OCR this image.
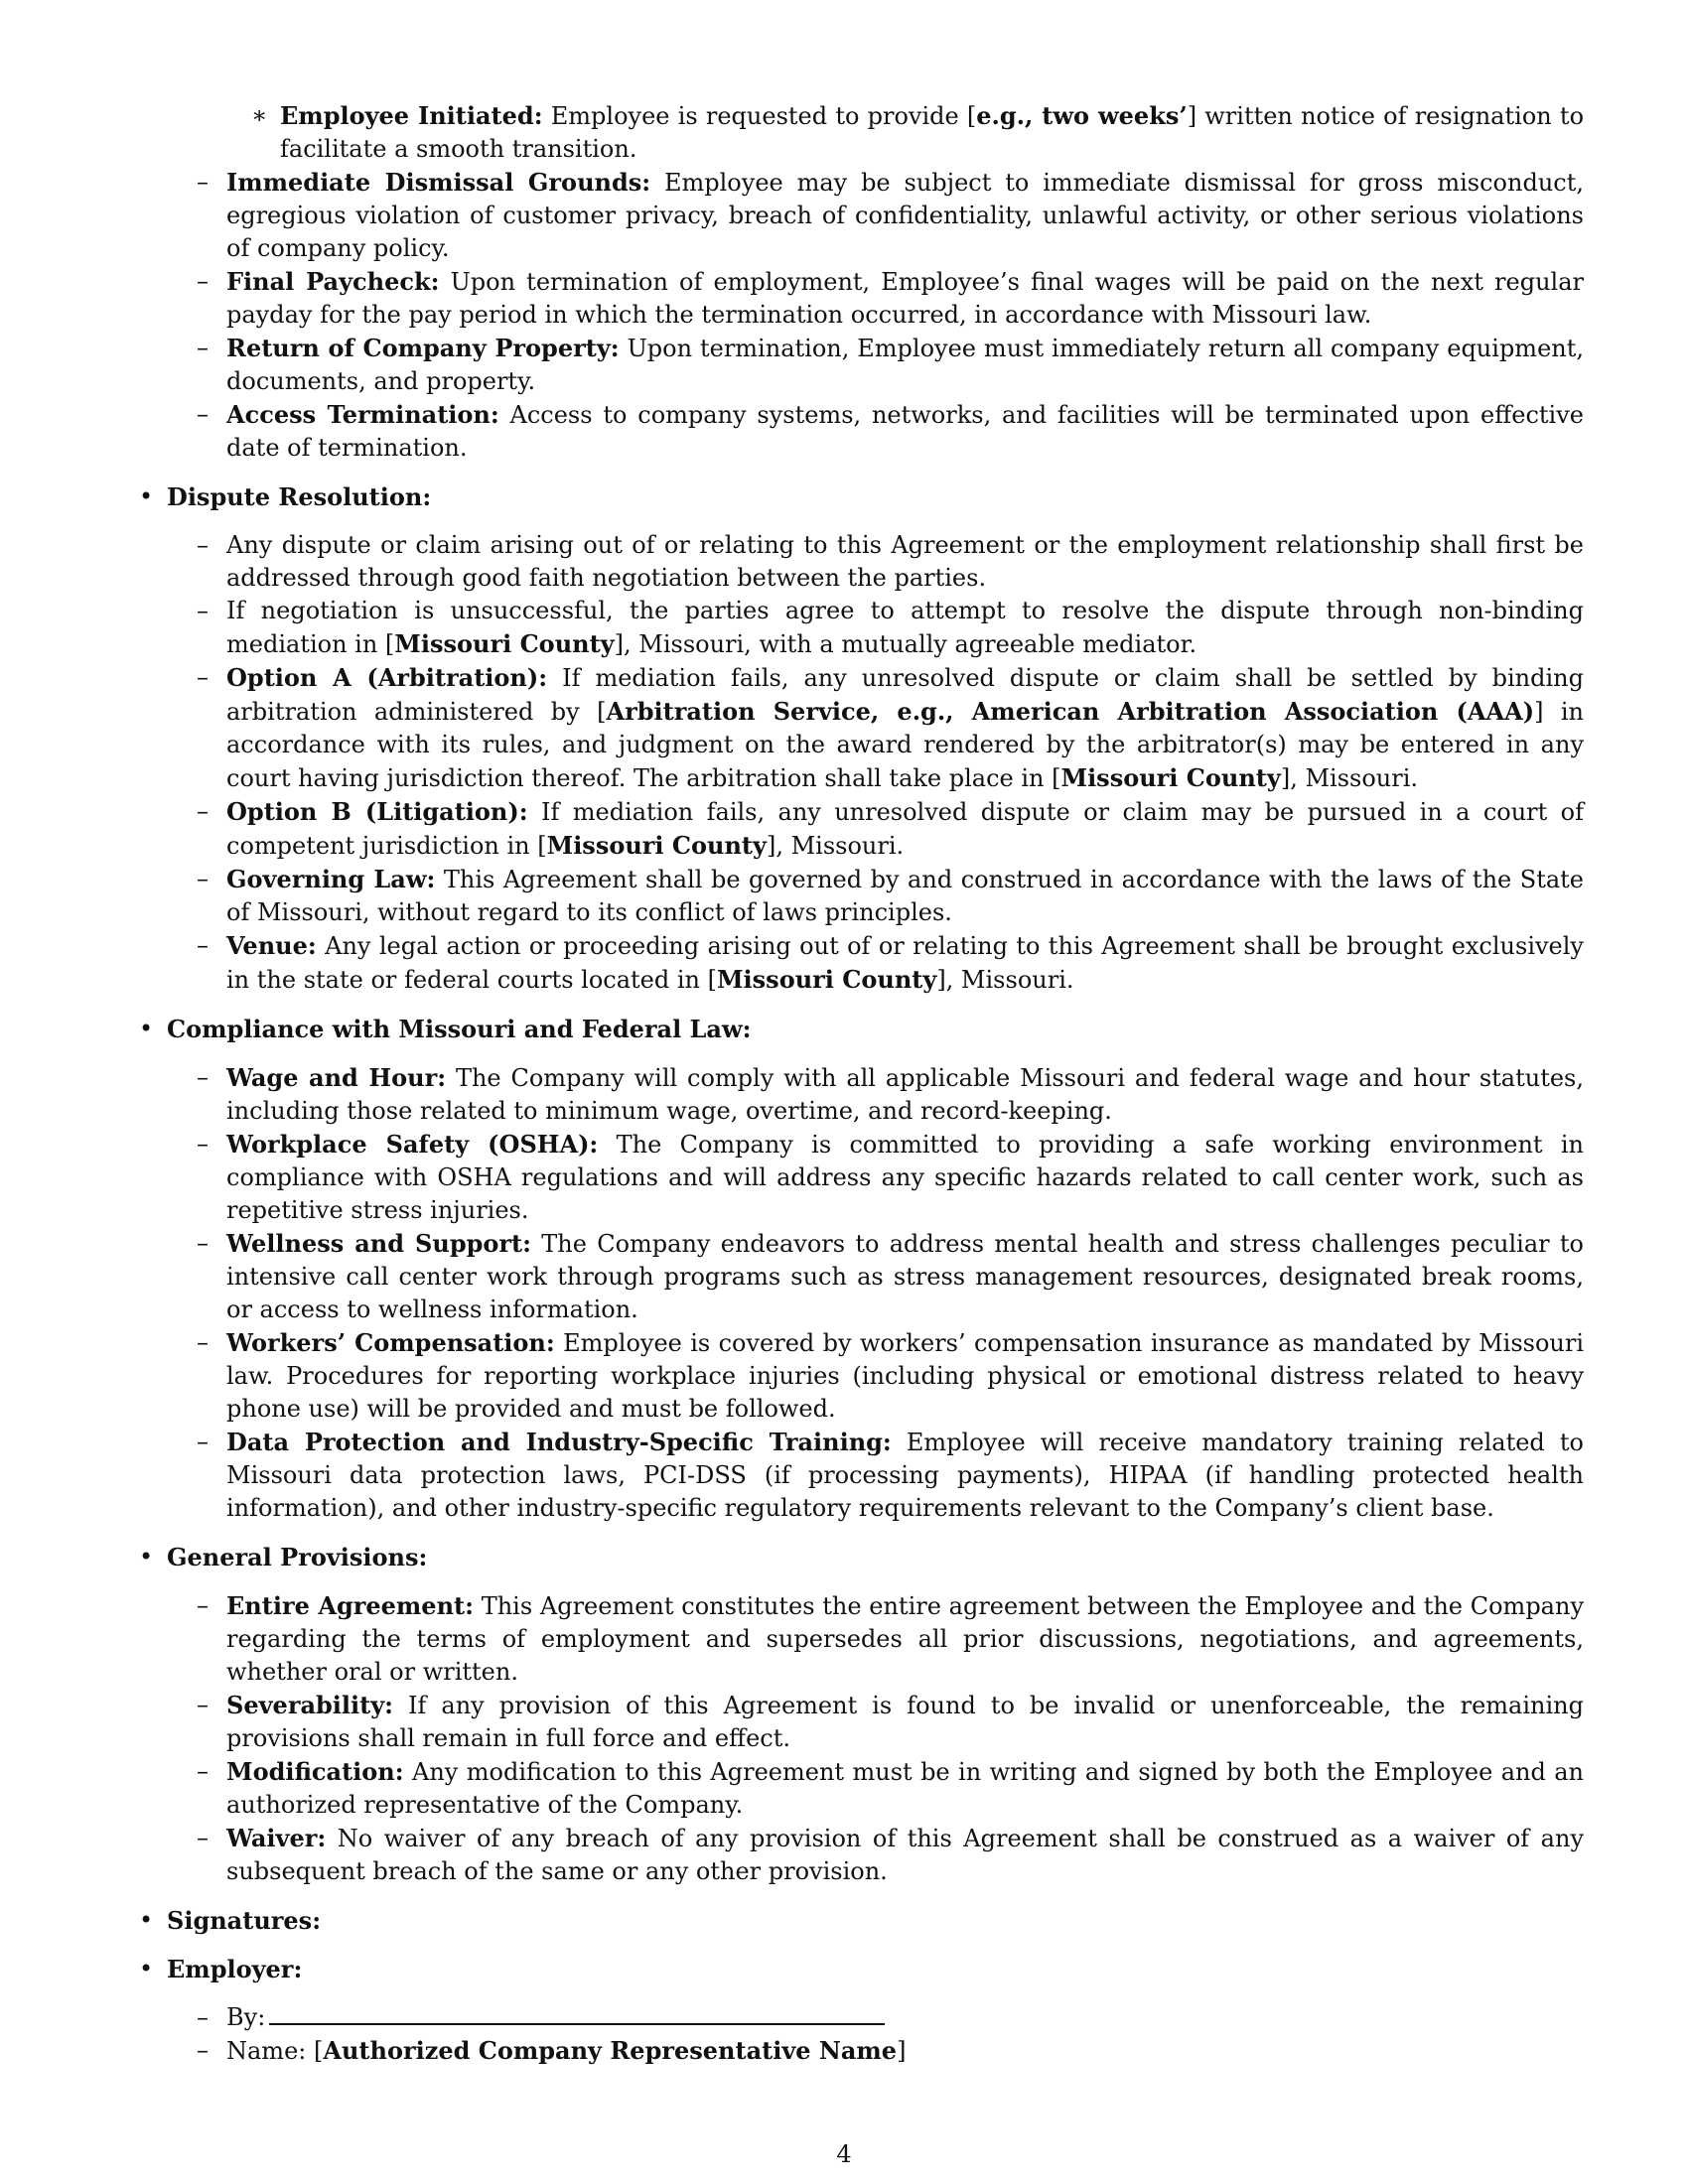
∗ Employee Initiated: Employee is requested to provide [e.g., two weeks’] written notice of resignation to facilitate a smooth transition.
– Immediate Dismissal Grounds: Employee may be subject to immediate dismissal for gross misconduct, egregious violation of customer privacy, breach of confidentiality, unlawful activity, or other serious violations of company policy.
– Final Paycheck: Upon termination of employment, Employee’s final wages will be paid on the next regular payday for the pay period in which the termination occurred, in accordance with Missouri law.
– Return of Company Property: Upon termination, Employee must immediately return all company equipment, documents, and property.
– Access Termination: Access to company systems, networks, and facilities will be terminated upon effective date of termination.
• Dispute Resolution:
– Any dispute or claim arising out of or relating to this Agreement or the employment relationship shall first be addressed through good faith negotiation between the parties.
– If negotiation is unsuccessful, the parties agree to attempt to resolve the dispute through non-binding mediation in [Missouri County], Missouri, with a mutually agreeable mediator.
– Option A (Arbitration): If mediation fails, any unresolved dispute or claim shall be settled by binding arbitration administered by [Arbitration Service, e.g., American Arbitration Association (AAA)] in accordance with its rules, and judgment on the award rendered by the arbitrator(s) may be entered in any court having jurisdiction thereof. The arbitration shall take place in [Missouri County], Missouri.
– Option B (Litigation): If mediation fails, any unresolved dispute or claim may be pursued in a court of competent jurisdiction in [Missouri County], Missouri.
– Governing Law: This Agreement shall be governed by and construed in accordance with the laws of the State of Missouri, without regard to its conflict of laws principles.
– Venue: Any legal action or proceeding arising out of or relating to this Agreement shall be brought exclusively in the state or federal courts located in [Missouri County], Missouri.
• Compliance with Missouri and Federal Law:
– Wage and Hour: The Company will comply with all applicable Missouri and federal wage and hour statutes, including those related to minimum wage, overtime, and record-keeping.
– Workplace Safety (OSHA): The Company is committed to providing a safe working environment in compliance with OSHA regulations and will address any specific hazards related to call center work, such as repetitive stress injuries.
– Wellness and Support: The Company endeavors to address mental health and stress challenges peculiar to intensive call center work through programs such as stress management resources, designated break rooms, or access to wellness information.
– Workers’ Compensation: Employee is covered by workers’ compensation insurance as mandated by Missouri law. Procedures for reporting workplace injuries (including physical or emotional distress related to heavy phone use) will be provided and must be followed.
– Data Protection and Industry-Specific Training: Employee will receive mandatory training related to Missouri data protection laws, PCI-DSS (if processing payments), HIPAA (if handling protected health information), and other industry-specific regulatory requirements relevant to the Company’s client base.
• General Provisions:
– Entire Agreement: This Agreement constitutes the entire agreement between the Employee and the Company regarding the terms of employment and supersedes all prior discussions, negotiations, and agreements, whether oral or written.
– Severability: If any provision of this Agreement is found to be invalid or unenforceable, the remaining provisions shall remain in full force and effect.
– Modification: Any modification to this Agreement must be in writing and signed by both the Employee and an authorized representative of the Company.
– Waiver: No waiver of any breach of any provision of this Agreement shall be construed as a waiver of any subsequent breach of the same or any other provision.
• Signatures:
• Employer:
– By:
– Name: [Authorized Company Representative Name]
4
